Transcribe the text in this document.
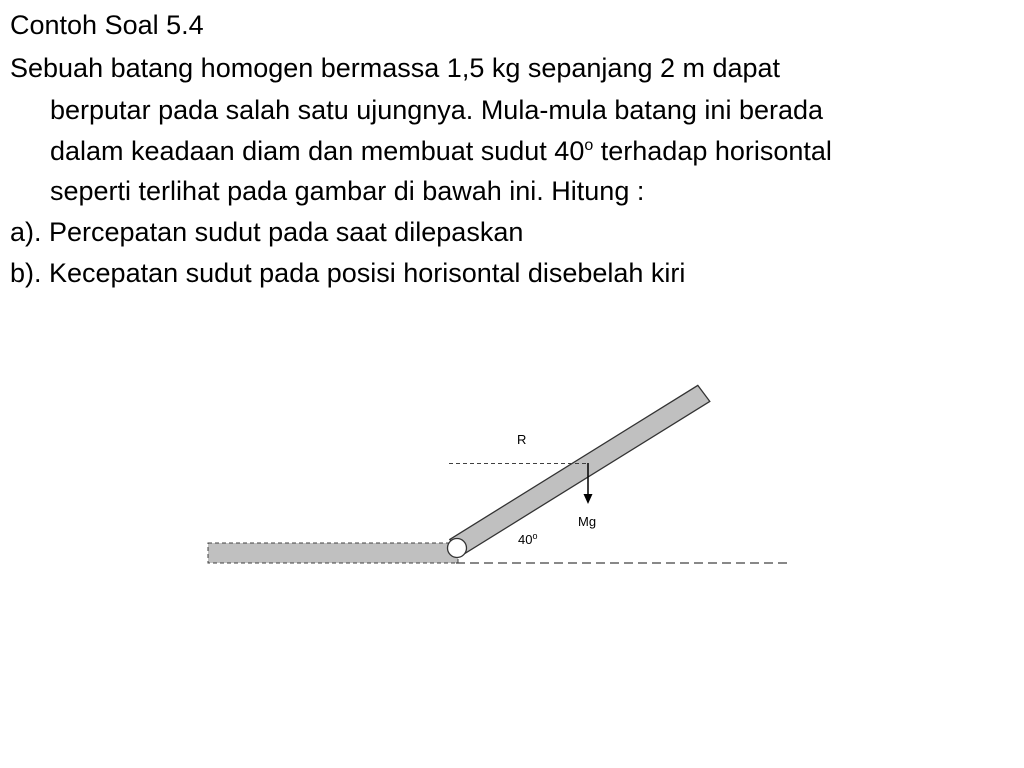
Contoh Soal 5.4
Sebuah batang homogen bermassa 1,5 kg sepanjang 2 m dapat
berputar pada salah satu ujungnya. Mula-mula batang ini berada
dalam keadaan diam dan membuat sudut 40$^o$ terhadap horisontal
seperti terlihat pada gambar di bawah ini. Hitung :
a). Percepatan sudut pada saat dilepaskan
b). Kecepatan sudut pada posisi horisontal disebelah kiri
R
Mg
40$^o$
